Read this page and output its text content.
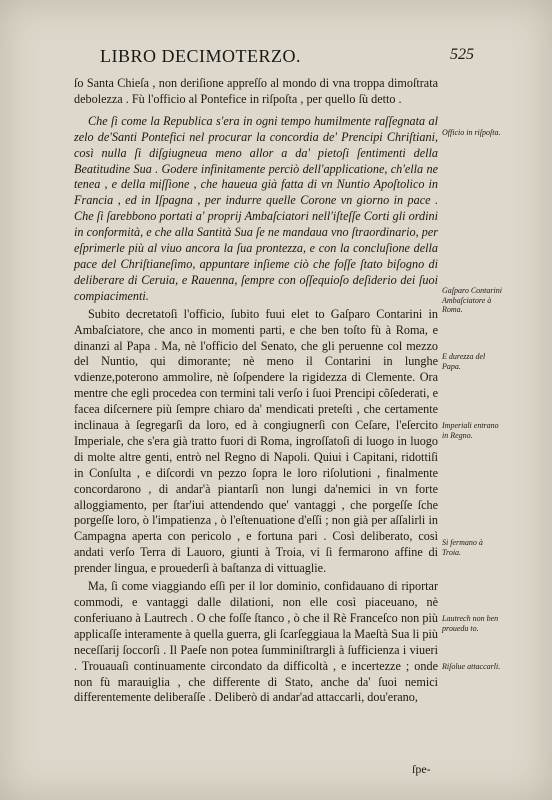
LIBRO DECIMOTERZO.	525

ſo Santa Chieſa , non deriſione appreſſo al mondo di vna troppa dimoſtrata debolezza . Fù l'officio al Pontefice in riſpoſta , per quello ſù detto .

Che ſi come la Republica s'era in ogni tempo humilmente raſſegnata al zelo de'Santi Pontefici nel procurar la concordia de' Prencipi Chriſtiani, così nulla ſi diſgiugneua meno allor a da' pietoſi ſentimenti della Beatitudine Sua . Godere infinitamente perciò dell'applicatione, ch'ella ne tenea , e della miſſione , che haueua già fatta di vn Nuntio Apoſtolico in Francia , ed in Iſpagna , per indurre quelle Corone vn giorno in pace . Che ſi ſarebbono portati a' proprij Ambaſciatori nell'iſteſſe Corti gli ordini in conformità, e che alla Santità Sua ſe ne mandaua vno ſtraordinario, per eſprimerle più al viuo ancora la ſua prontezza, e con la concluſione della pace del Chriſtianeſimo, appuntare inſieme ciò che foſſe ſtato biſogno di deliberare di Ceruia, e Rauenna, ſempre con oſſequioſo deſiderio dei ſuoi compiacimenti.

Subito decretatoſi l'officio, ſubito fuui elet to Gaſparo Contarini in Ambaſciatore, che anco in momenti parti, e che ben toſto fù à Roma, e dinanzi al Papa . Ma, nè l'officio del Senato, che gli peruenne col mezzo del Nuntio, qui dimorante; nè meno il Contarini in lunghe vdienze,poterono ammolire, nè ſoſpendere la rigidezza di Clemente. Ora mentre che egli procedea con termini tali verſo i ſuoi Prencipi cõſederati, e facea diſcernere più ſempre chiaro da' mendicati preteſti , che certamente inclinaua à ſegregarſi da loro, ed à congiugnerſi con Ceſare, l'eſercito Imperiale, che s'era già tratto fuori di Roma, ingroſſatoſi di luogo in luogo di molte altre genti, entrò nel Regno di Napoli. Quiui i Capitani, ridottiſi in Conſulta , e diſcordi vn pezzo ſopra le loro riſolutioni , finalmente concordarono , di andar'à piantarſi non lungi da'nemici in vn forte alloggiamento, per ſtar'iui attendendo que' vantaggi , che porgeſſe ſche porgeſſe loro, ò l'impatienza , ò l'eſtenuatione d'eſſi ; non già per aſſalirli in Campagna aperta con pericolo , e fortuna pari . Così deliberato, così andati verſo Terra di Lauoro, giunti à Troia, vi ſi fermarono affine di prender lingua, e prouederſi à baſtanza di vittuaglie.

Ma, ſi come viaggiando eſſi per il lor dominio, confidauano di riportar commodi, e vantaggi dalle dilationi, non elle così piaceuano, nè conferiuano à Lautrech . O che foſſe ſtanco , ò che il Rè Franceſco non più applicaſſe interamente à quella guerra, gli ſcarſeggiaua la Maeſtà Sua li più neceſſarij ſoccorſi . Il Paeſe non potea ſumminiſtrargli à ſufficienza i viueri . Trouauaſi continuamente circondato da difficoltà , e incertezze ; onde non fù marauiglia , che differente di Stato, anche da' ſuoi nemici differentemente deliberaſſe . Deliberò di andar'ad attaccarli, dou'erano,

ſpe-
Officio in riſpoſta.
Gaſparo Contarini Ambaſciatore à Roma.
E durezza del Papa.
Imperiali entrano in Regno.
Si fermano à Troia.
Lautrech non ben prouedu to.
Riſolue attaccarli.
